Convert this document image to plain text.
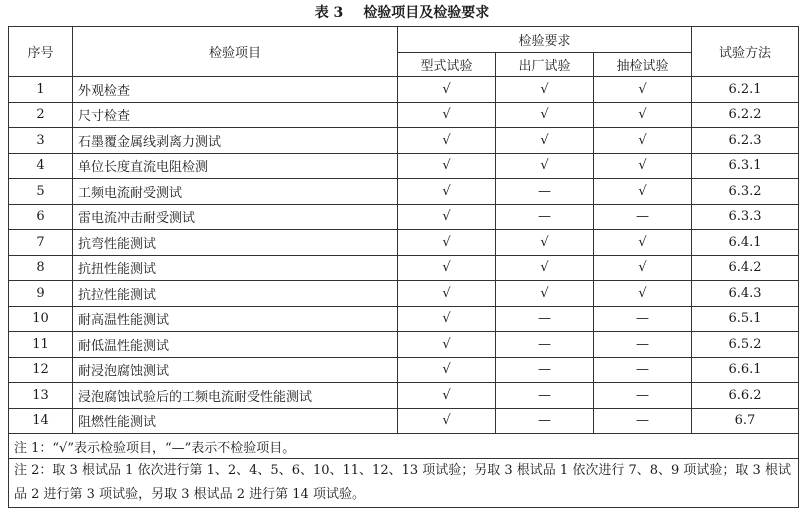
表 3 检验项目及检验要求
序号	检验项目	检验要求			试验方法
		型式试验	出厂试验	抽检试验	
1	外观检查	√	√	√	6.2.1
2	尺寸检查	√	√	√	6.2.2
3	石墨覆金属线剥离力测试	√	√	√	6.2.3
4	单位长度直流电阻检测	√	√	√	6.3.1
5	工频电流耐受测试	√	—	√	6.3.2
6	雷电流冲击耐受测试	√	—	—	6.3.3
7	抗弯性能测试	√	√	√	6.4.1
8	抗扭性能测试	√	√	√	6.4.2
9	抗拉性能测试	√	√	√	6.4.3
10	耐高温性能测试	√	—	—	6.5.1
11	耐低温性能测试	√	—	—	6.5.2
12	耐浸泡腐蚀测试	√	—	—	6.6.1
13	浸泡腐蚀试验后的工频电流耐受性能测试	√	—	—	6.6.2
14	阻燃性能测试	√	—	—	6.7
注 1：“√”表示检验项目，“—”表示不检验项目。					
注 2：取 3 根试品 1 依次进行第 1、2、4、5、6、10、11、12、13 项试验；另取 3 根试品 1 依次进行 7、8、9 项试验；取 3 根试品 2 进行第 3 项试验，另取 3 根试品 2 进行第 14 项试验。					
